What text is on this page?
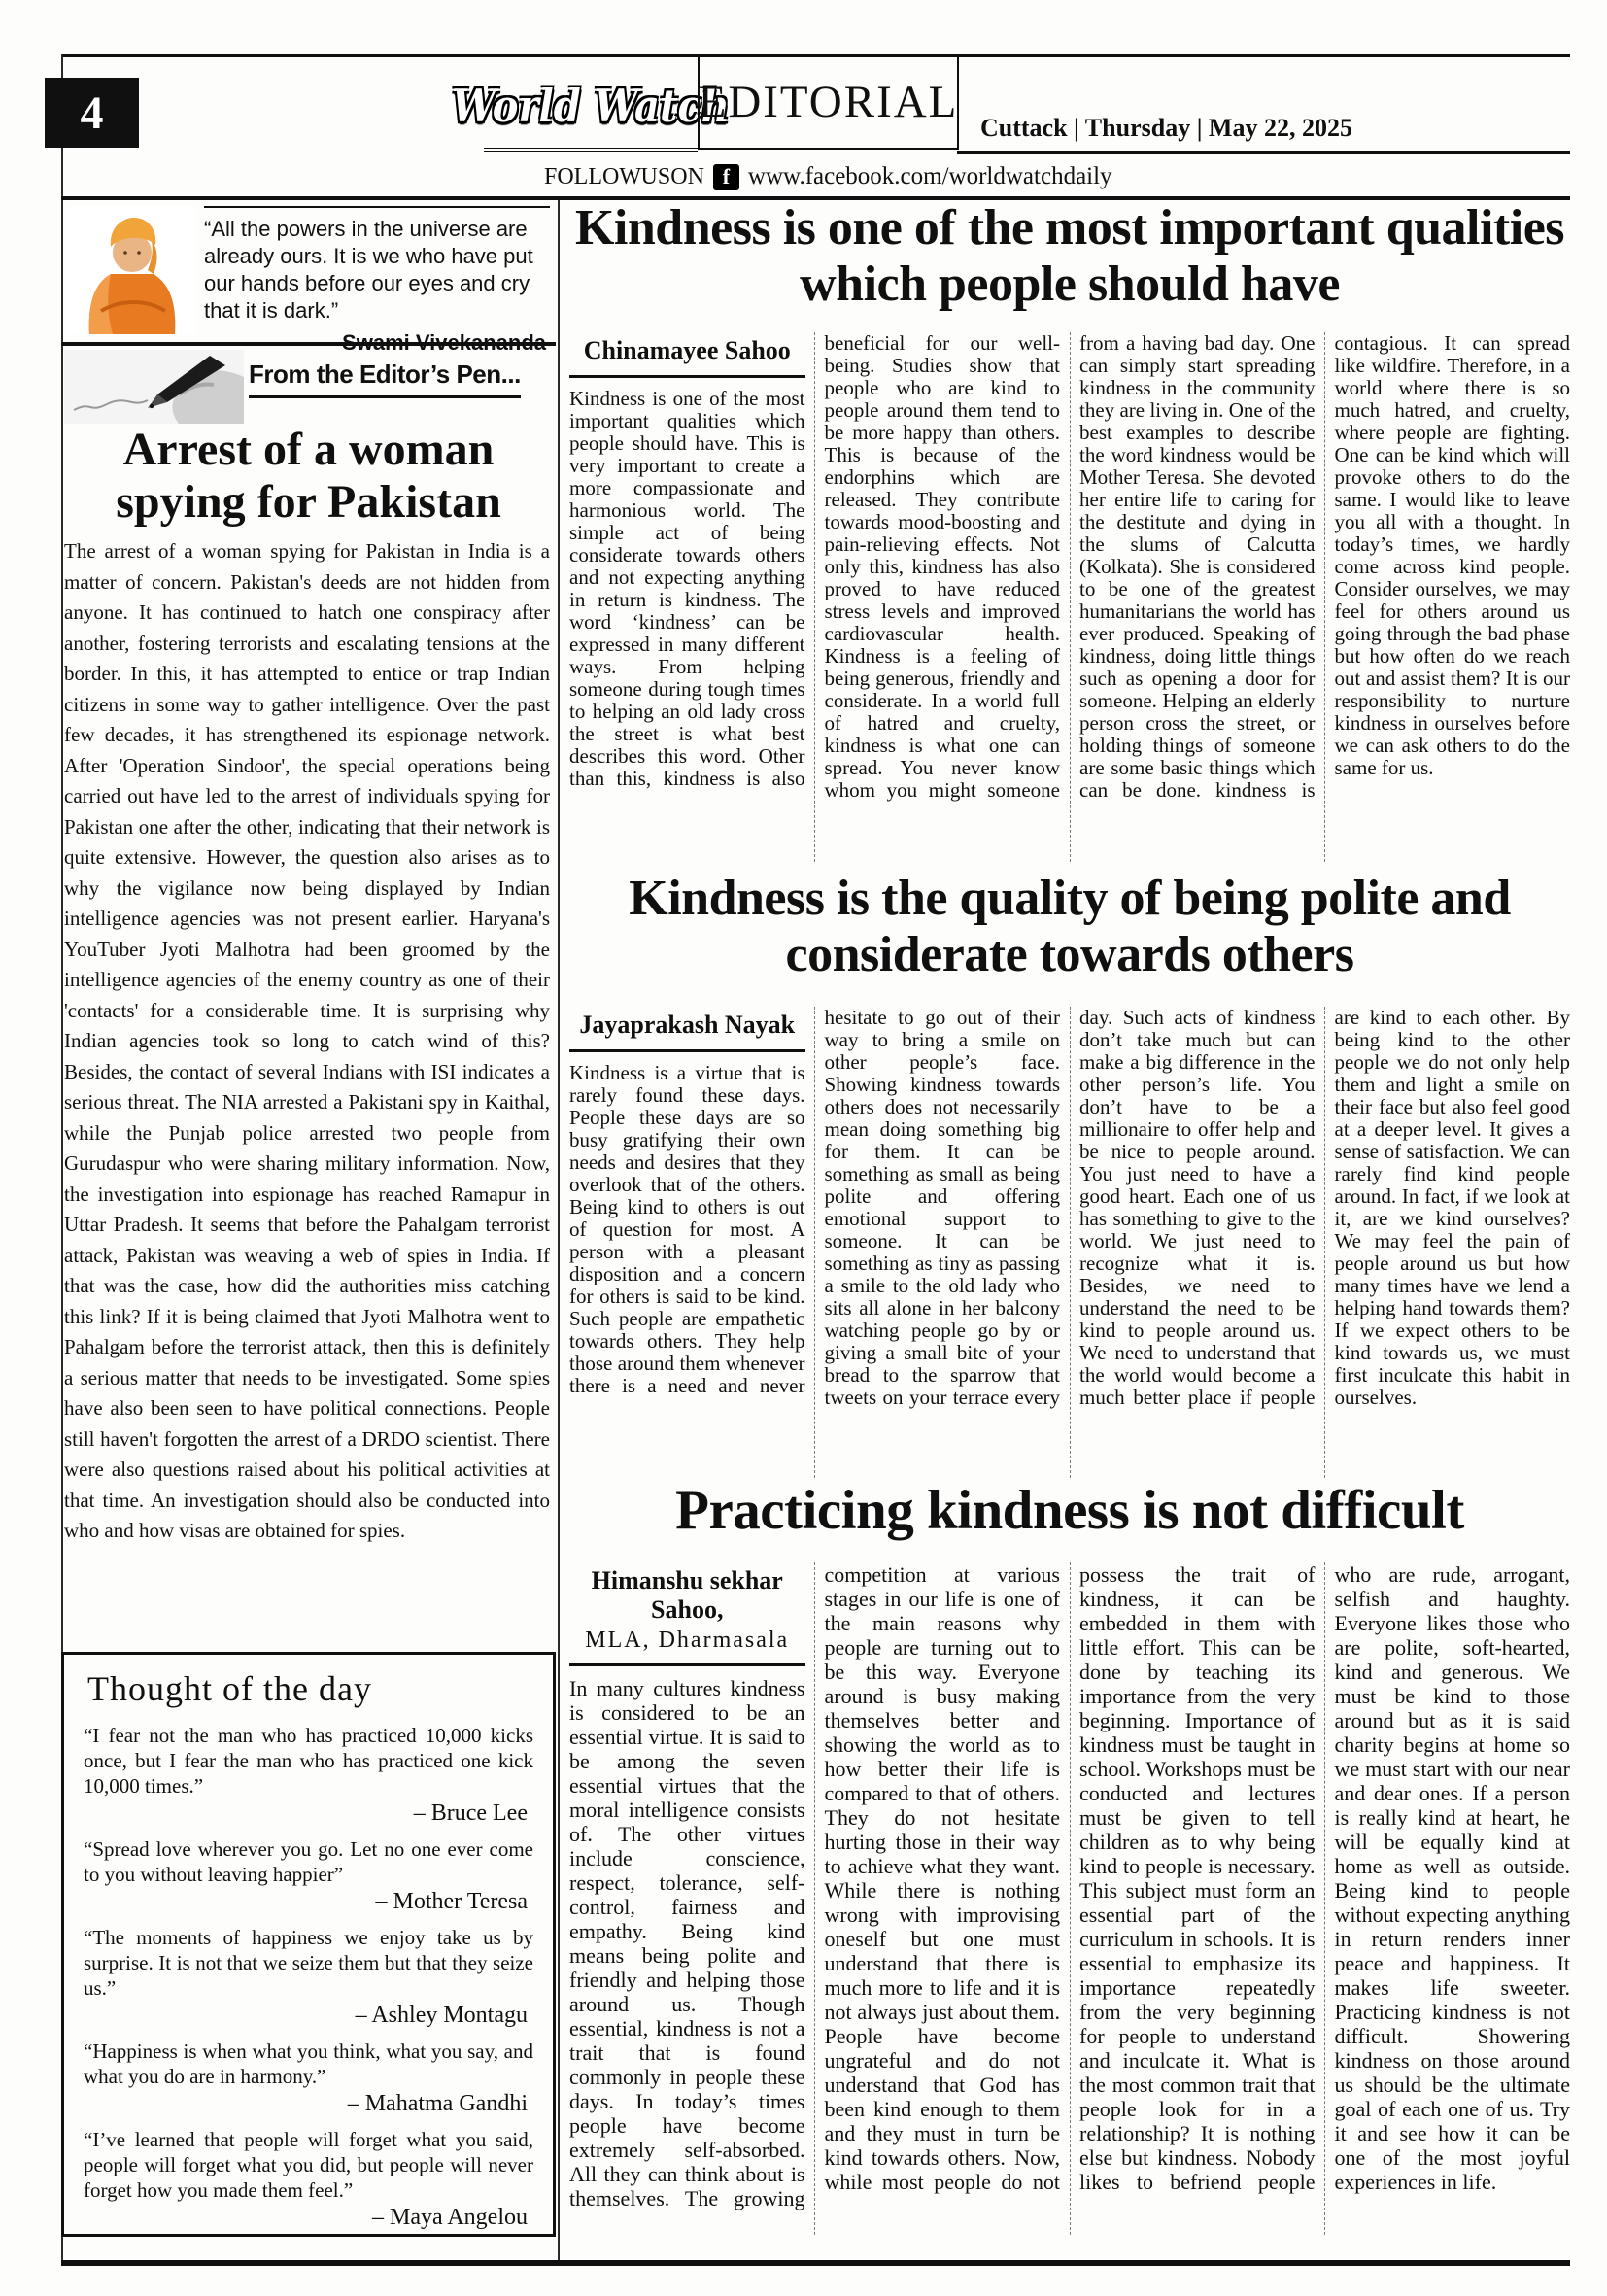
4	World Watch
EDITORIAL
Cuttack | Thursday | May 22, 2025
FOLLOW US ON f www.facebook.com/worldwatchdaily

“All the powers in the universe are already ours. It is we who have put our hands before our eyes and cry that it is dark.”

From the Editor’s Pen...
Arrest of a woman spying for Pakistan
The arrest of a woman spying for Pakistan in India is a matter of concern. Pakistan's deeds are not hidden from anyone. It has continued to hatch one conspiracy after another, fostering terrorists and escalating tensions at the border. In this, it has attempted to entice or trap Indian citizens in some way to gather intelligence. Over the past few decades, it has strengthened its espionage network. After 'Operation Sindoor', the special operations being carried out have led to the arrest of individuals spying for Pakistan one after the other, indicating that their network is quite extensive. However, the question also arises as to why the vigilance now being displayed by Indian intelligence agencies was not present earlier. Haryana's YouTuber Jyoti Malhotra had been groomed by the intelligence agencies of the enemy country as one of their 'contacts' for a considerable time. It is surprising why Indian agencies took so long to catch wind of this? Besides, the contact of several Indians with ISI indicates a serious threat. The NIA arrested a Pakistani spy in Kaithal, while the Punjab police arrested two people from Gurudaspur who were sharing military information. Now, the investigation into espionage has reached Ramapur in Uttar Pradesh. It seems that before the Pahalgam terrorist attack, Pakistan was weaving a web of spies in India. If that was the case, how did the authorities miss catching this link? If it is being claimed that Jyoti Malhotra went to Pahalgam before the terrorist attack, then this is definitely a serious matter that needs to be investigated. Some spies have also been seen to have political connections. People still haven't forgotten the arrest of a DRDO scientist. There were also questions raised about his political activities at that time. An investigation should also be conducted into who and how visas are obtained for spies.
Thought of the day

“I fear not the man who has practiced 10,000 kicks once, but I fear the man who has practiced one kick 10,000 times.”

– Bruce Lee

“Spread love wherever you go. Let no one ever come to you without leaving happier”

– Mother Teresa

“The moments of happiness we enjoy take us by surprise. It is not that we seize them but that they seize us.”

– Ashley Montagu

“Happiness is when what you think, what you say, and what you do are in harmony.”

– Mahatma Gandhi

“I’ve learned that people will forget what you said, people will forget what you did, but people will never forget how you made them feel.”

– Maya Angelou
Kindness is one of the most important qualities which people should have
Chinamayee Sahoo
Kindness is one of the most important qualities which people should have. This is very important to create a more compassionate and harmonious world. The simple act of being considerate towards others and not expecting anything in return is kindness. The word ‘kindness’ can be expressed in many different ways. From helping someone during tough times to helping an old lady cross the street is what best describes this word. Other than this, kindness is also beneficial for our well-being. Studies show that people who are kind to people around them tend to be more happy than others. This is because of the endorphins which are released. They contribute towards mood-boosting and pain-relieving effects. Not only this, kindness has also proved to have reduced stress levels and improved cardiovascular health. Kindness is a feeling of being generous, friendly and considerate. In a world full of hatred and cruelty, kindness is what one can spread. You never know whom you might someone from a having bad day. One can simply start spreading kindness in the community they are living in. One of the best examples to describe the word kindness would be Mother Teresa. She devoted her entire life to caring for the destitute and dying in the slums of Calcutta (Kolkata). She is considered to be one of the greatest humanitarians the world has ever produced. Speaking of kindness, doing little things such as opening a door for someone. Helping an elderly person cross the street, or holding things of someone are some basic things which can be done. kindness is contagious. It can spread like wildfire. Therefore, in a world where there is so much hatred, and cruelty, where people are fighting. One can be kind which will provoke others to do the same. I would like to leave you all with a thought. In today’s times, we hardly come across kind people. Consider ourselves, we may feel for others around us going through the bad phase but how often do we reach out and assist them? It is our responsibility to nurture kindness in ourselves before we can ask others to do the same for us.
Kindness is the quality of being polite and considerate towards others
Jayaprakash Nayak
Kindness is a virtue that is rarely found these days. People these days are so busy gratifying their own needs and desires that they overlook that of the others. Being kind to others is out of question for most. A person with a pleasant disposition and a concern for others is said to be kind. Such people are empathetic towards others. They help those around them whenever there is a need and never hesitate to go out of their way to bring a smile on other people’s face. Showing kindness towards others does not necessarily mean doing something big for them. It can be something as small as being polite and offering emotional support to someone. It can be something as tiny as passing a smile to the old lady who sits all alone in her balcony watching people go by or giving a small bite of your bread to the sparrow that tweets on your terrace every day. Such acts of kindness don’t take much but can make a big difference in the other person’s life. You don’t have to be a millionaire to offer help and be nice to people around. You just need to have a good heart. Each one of us has something to give to the world. We just need to recognize what it is. Besides, we need to understand the need to be kind to people around us. We need to understand that the world would become a much better place if people are kind to each other. By being kind to the other people we do not only help them and light a smile on their face but also feel good at a deeper level. It gives a sense of satisfaction. We can rarely find kind people around. In fact, if we look at it, are we kind ourselves? We may feel the pain of people around us but how many times have we lend a helping hand towards them? If we expect others to be kind towards us, we must first inculcate this habit in ourselves.
Practicing kindness is not difficult
Himanshu sekhar Sahoo,
MLA, Dharmasala
In many cultures kindness is considered to be an essential virtue. It is said to be among the seven essential virtues that the moral intelligence consists of. The other virtues include conscience, respect, tolerance, self-control, fairness and empathy. Being kind means being polite and friendly and helping those around us. Though essential, kindness is not a trait that is found commonly in people these days. In today’s times people have become extremely self-absorbed. All they can think about is themselves. The growing competition at various stages in our life is one of the main reasons why people are turning out to be this way. Everyone around is busy making themselves better and showing the world as to how better their life is compared to that of others. They do not hesitate hurting those in their way to achieve what they want. While there is nothing wrong with improvising oneself but one must understand that there is much more to life and it is not always just about them. People have become ungrateful and do not understand that God has been kind enough to them and they must in turn be kind towards others. Now, while most people do not possess the trait of kindness, it can be embedded in them with little effort. This can be done by teaching its importance from the very beginning. Importance of kindness must be taught in school. Workshops must be conducted and lectures must be given to tell children as to why being kind to people is necessary. This subject must form an essential part of the curriculum in schools. It is essential to emphasize its importance repeatedly from the very beginning for people to understand and inculcate it. What is the most common trait that people look for in a relationship? It is nothing else but kindness. Nobody likes to befriend people who are rude, arrogant, selfish and haughty. Everyone likes those who are polite, soft-hearted, kind and generous. We must be kind to those around but as it is said charity begins at home so we must start with our near and dear ones. If a person is really kind at heart, he will be equally kind at home as well as outside. Being kind to people without expecting anything in return renders inner peace and happiness. It makes life sweeter. Practicing kindness is not difficult. Showering kindness on those around us should be the ultimate goal of each one of us. Try it and see how it can be one of the most joyful experiences in life.
